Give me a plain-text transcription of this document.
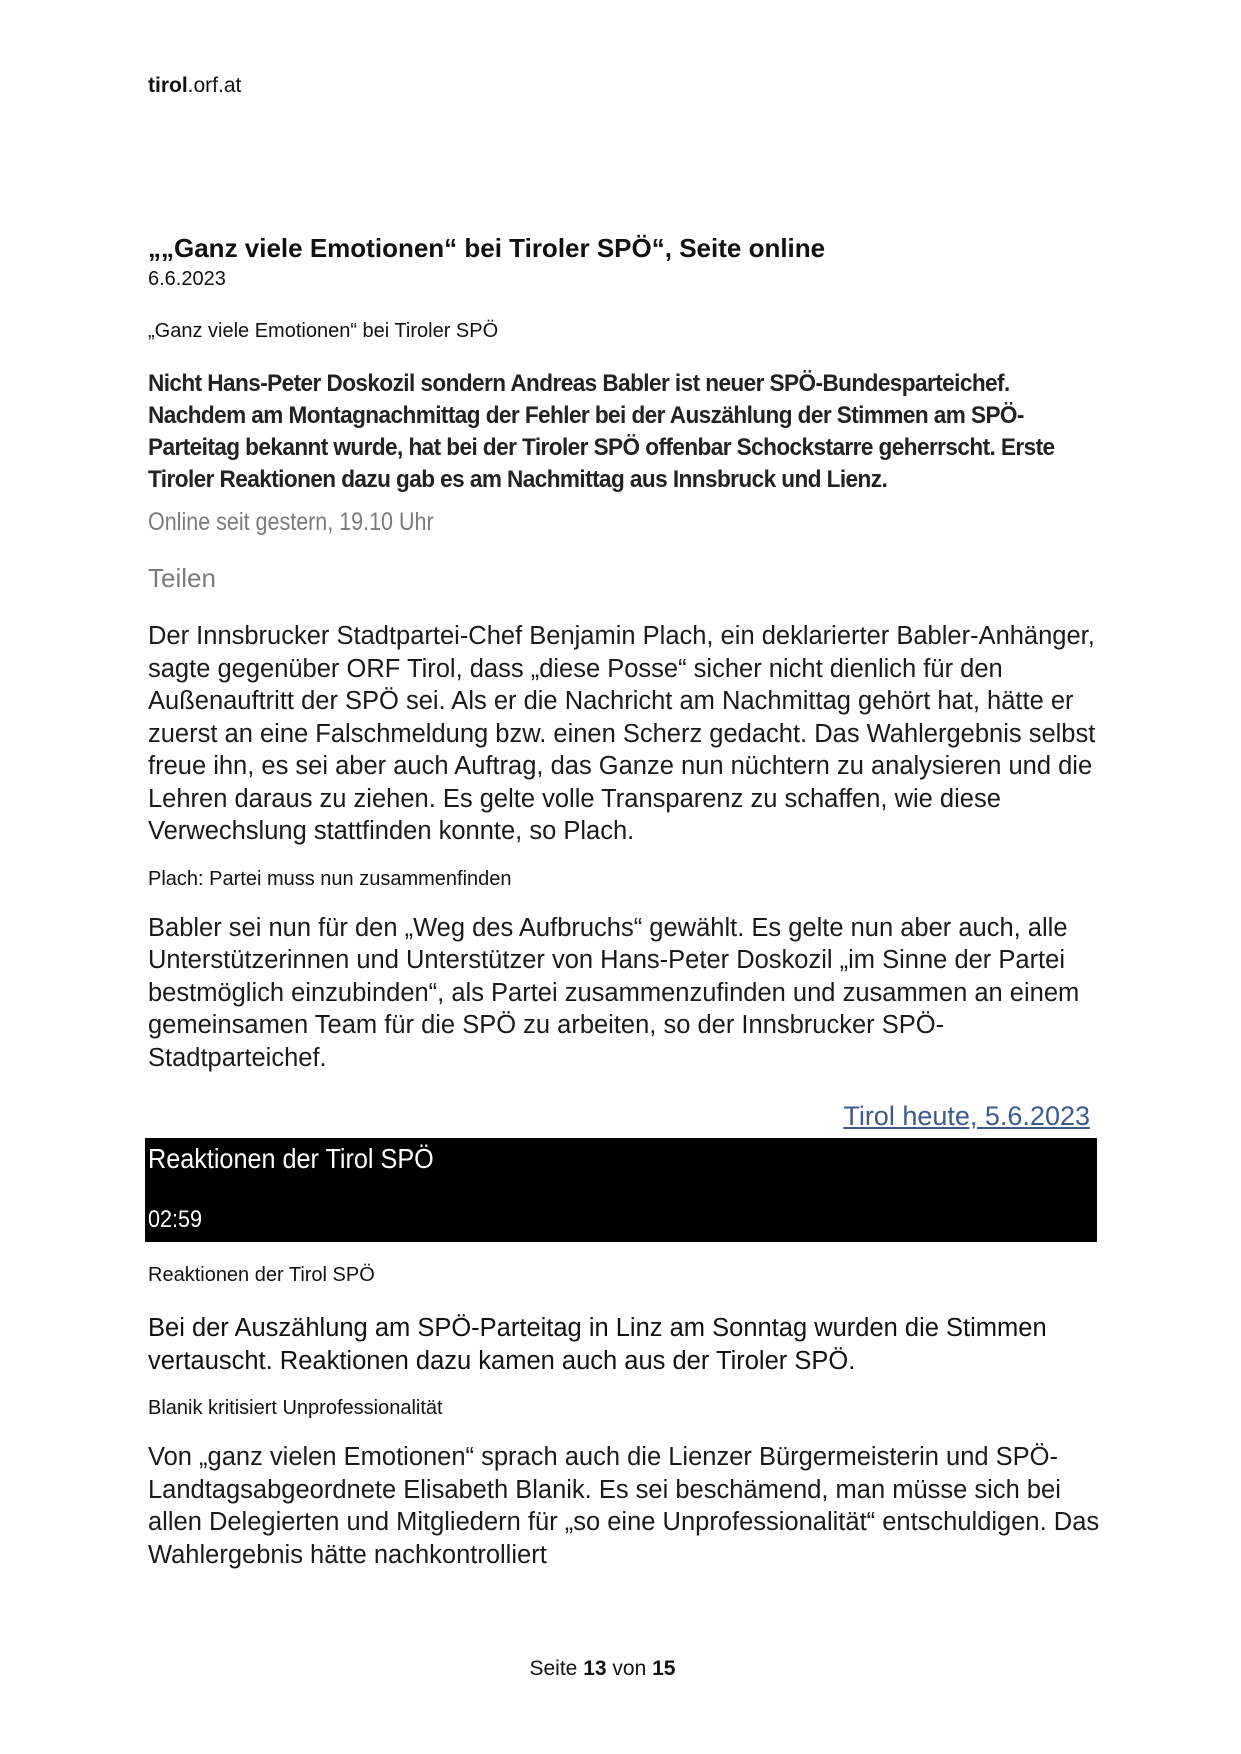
tirol.orf.at
„„Ganz viele Emotionen“ bei Tiroler SPÖ“, Seite online

6.6.2023

„Ganz viele Emotionen“ bei Tiroler SPÖ

Nicht Hans-Peter Doskozil sondern Andreas Babler ist neuer SPÖ-Bundesparteichef. Nachdem am Montagnachmittag der Fehler bei der Auszählung der Stimmen am SPÖ-Parteitag bekannt wurde, hat bei der Tiroler SPÖ offenbar Schockstarre geherrscht. Erste Tiroler Reaktionen dazu gab es am Nachmittag aus Innsbruck und Lienz.

Online seit gestern, 19.10 Uhr

Teilen

Der Innsbrucker Stadtpartei-Chef Benjamin Plach, ein deklarierter Babler-Anhänger, sagte gegenüber ORF Tirol, dass „diese Posse“ sicher nicht dienlich für den Außenauftritt der SPÖ sei. Als er die Nachricht am Nachmittag gehört hat, hätte er zuerst an eine Falschmeldung bzw. einen Scherz gedacht. Das Wahlergebnis selbst freue ihn, es sei aber auch Auftrag, das Ganze nun nüchtern zu analysieren und die Lehren daraus zu ziehen. Es gelte volle Transparenz zu schaffen, wie diese Verwechslung stattfinden konnte, so Plach.

Plach: Partei muss nun zusammenfinden

Babler sei nun für den „Weg des Aufbruchs“ gewählt. Es gelte nun aber auch, alle Unterstützerinnen und Unterstützer von Hans-Peter Doskozil „im Sinne der Partei bestmöglich einzubinden“, als Partei zusammenzufinden und zusammen an einem gemeinsamen Team für die SPÖ zu arbeiten, so der Innsbrucker SPÖ-Stadtparteichef.

Tirol heute, 5.6.2023
Reaktionen der Tirol SPÖ
02:59

Reaktionen der Tirol SPÖ

Bei der Auszählung am SPÖ-Parteitag in Linz am Sonntag wurden die Stimmen vertauscht. Reaktionen dazu kamen auch aus der Tiroler SPÖ.

Blanik kritisiert Unprofessionalität

Von „ganz vielen Emotionen“ sprach auch die Lienzer Bürgermeisterin und SPÖ-Landtagsabgeordnete Elisabeth Blanik. Es sei beschämend, man müsse sich bei allen Delegierten und Mitgliedern für „so eine Unprofessionalität“ entschuldigen. Das Wahlergebnis hätte nachkontrolliert

Seite 13 von 15
